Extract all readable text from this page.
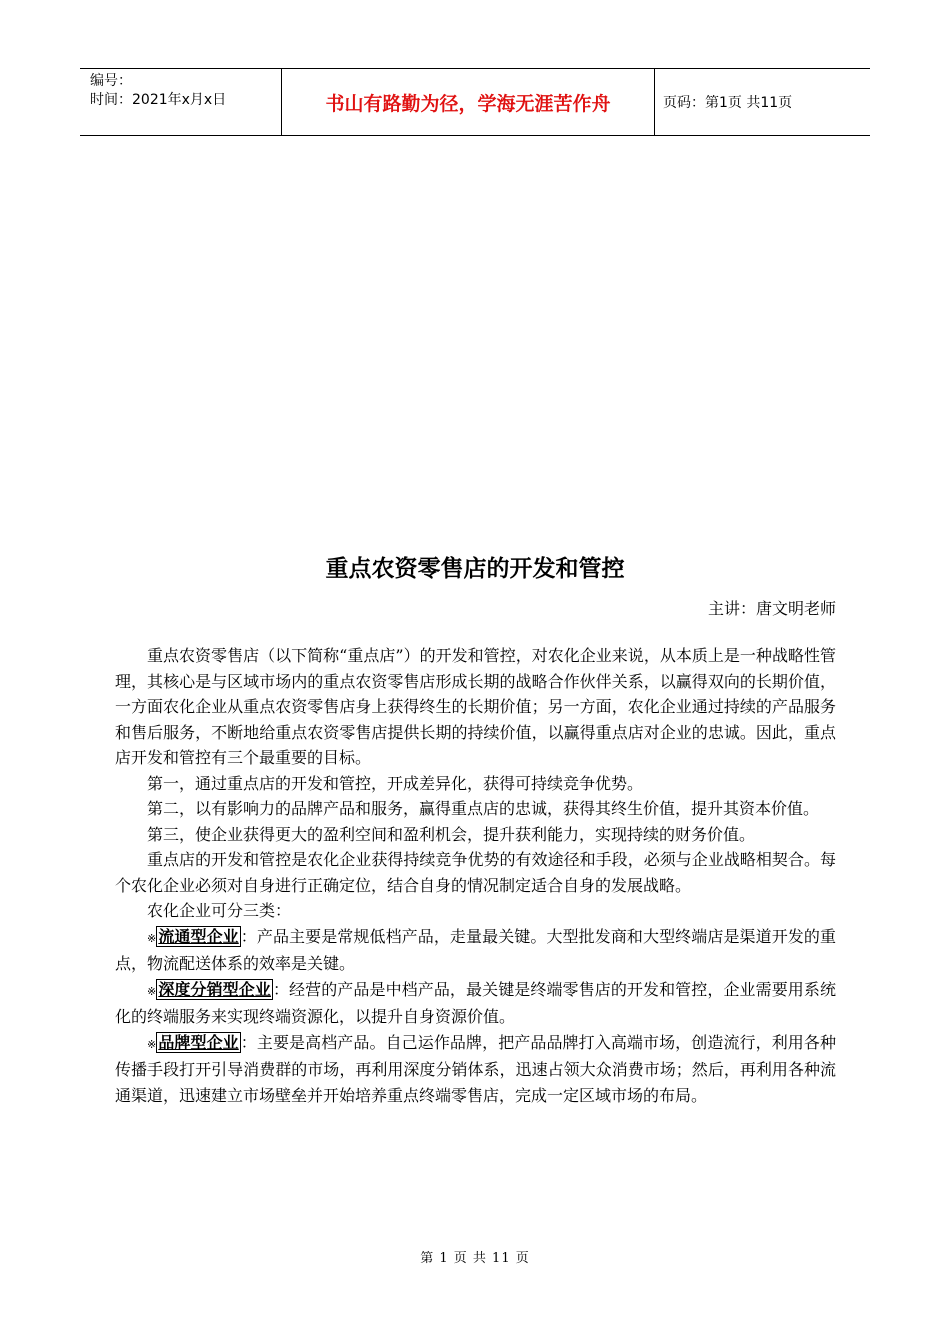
编号：
时间：2021年x月x日	书山有路勤为径，学海无涯苦作舟	页码：第1页 共11页
重点农资零售店的开发和管控
主讲：唐文明老师

重点农资零售店（以下简称“重点店”）的开发和管控，对农化企业来说，从本质上是一种战略性管理，其核心是与区域市场内的重点农资零售店形成长期的战略合作伙伴关系，以赢得双向的长期价值，一方面农化企业从重点农资零售店身上获得终生的长期价值；另一方面，农化企业通过持续的产品服务和售后服务，不断地给重点农资零售店提供长期的持续价值，以赢得重点店对企业的忠诚。因此，重点店开发和管控有三个最重要的目标。

第一，通过重点店的开发和管控，开成差异化，获得可持续竞争优势。

第二，以有影响力的品牌产品和服务，赢得重点店的忠诚，获得其终生价值，提升其资本价值。

第三，使企业获得更大的盈利空间和盈利机会，提升获利能力，实现持续的财务价值。

重点店的开发和管控是农化企业获得持续竞争优势的有效途径和手段，必须与企业战略相契合。每个农化企业必须对自身进行正确定位，结合自身的情况制定适合自身的发展战略。

农化企业可分三类：

※ 流通型企业 ：产品主要是常规低档产品，走量最关键。大型批发商和大型终端店是渠道开发的重点，物流配送体系的效率是关键。

※ 深度分销型企业 ：经营的产品是中档产品，最关键是终端零售店的开发和管控，企业需要用系统化的终端服务来实现终端资源化，以提升自身资源价值。

※ 品牌型企业 ：主要是高档产品。自己运作品牌，把产品品牌打入高端市场，创造流行，利用各种传播手段打开引导消费群的市场，再利用深度分销体系，迅速占领大众消费市场；然后，再利用各种流通渠道，迅速建立市场壁垒并开始培养重点终端零售店，完成一定区域市场的布局。

第 1 页 共 11 页
